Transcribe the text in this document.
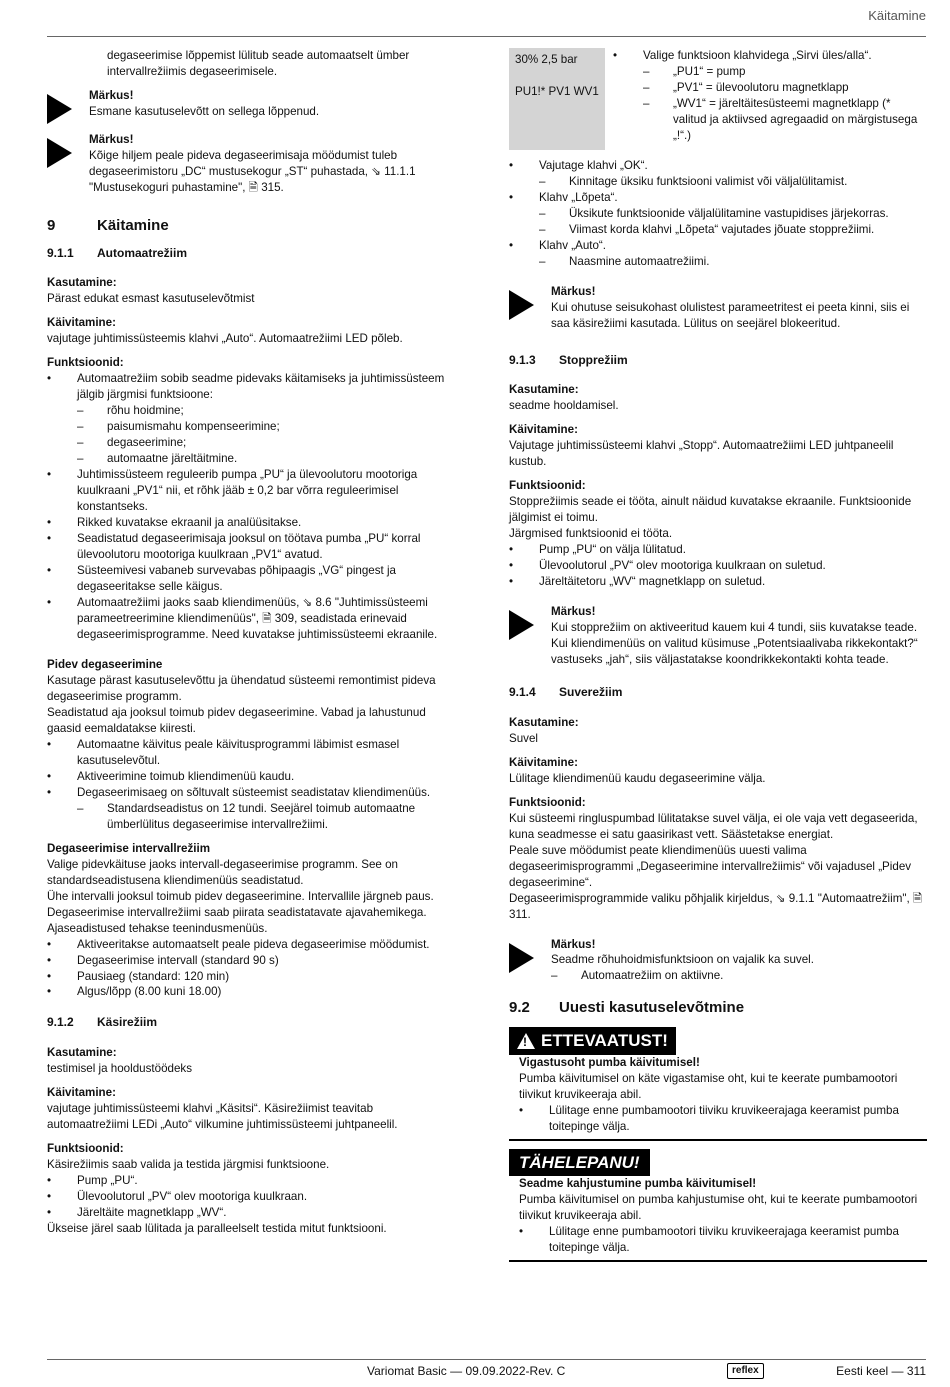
Käitamine

degaseerimise lõppemist lülitub seade automaatselt ümber intervallrežiimis degaseerimisele.

Märkus!

Esmane kasutuselevõtt on sellega lõppenud.

Märkus!

Kõige hiljem peale pideva degaseerimisaja möödumist tuleb degaseerimistoru „DC“ mustusekogur „ST“ puhastada, ⇘ 11.1.1 "Mustusekoguri puhastamine", 🗎 315.

9	Käitamine
9.1.1	Automaatrežiim

Kasutamine:

Pärast edukat esmast kasutuselevõtmist

Käivitamine:

vajutage juhtimissüsteemis klahvi „Auto“. Automaatrežiimi LED põleb.

Funktsioonid:

•	Automaatrežiim sobib seadme pidevaks käitamiseks ja juhtimissüsteem jälgib järgmisi funktsioone:
–	rõhu hoidmine;
–	paisumismahu kompenseerimine;
–	degaseerimine;
–	automaatne järeltäitmine.
•	Juhtimissüsteem reguleerib pumpa „PU“ ja ülevoolutoru mootoriga kuulkraani „PV1“ nii, et rõhk jääb ± 0,2 bar võrra reguleerimisel konstantseks.
•	Rikked kuvatakse ekraanil ja analüüsitakse.
•	Seadistatud degaseerimisaja jooksul on töötava pumba „PU“ korral ülevoolutoru mootoriga kuulkraan „PV1“ avatud.
•	Süsteemivesi vabaneb survevabas põhipaagis „VG“ pingest ja degaseeritakse selle käigus.
•	Automaatrežiimi jaoks saab kliendimenüüs, ⇘ 8.6 "Juhtimissüsteemi parameetreerimine kliendimenüüs", 🗎 309, seadistada erinevaid degaseerimisprogramme. Need kuvatakse juhtimissüsteemi ekraanile.

Pidev degaseerimine

Kasutage pärast kasutuselevõttu ja ühendatud süsteemi remontimist pideva degaseerimise programm.

Seadistatud aja jooksul toimub pidev degaseerimine. Vabad ja lahustunud gaasid eemaldatakse kiiresti.

•	Automaatne käivitus peale käivitusprogrammi läbimist esmasel kasutuselevõtul.
•	Aktiveerimine toimub kliendimenüü kaudu.
•	Degaseerimisaeg on sõltuvalt süsteemist seadistatav kliendimenüüs.
–	Standardseadistus on 12 tundi. Seejärel toimub automaatne ümberlülitus degaseerimise intervallrežiimi.

Degaseerimise intervallrežiim

Valige pidevkäituse jaoks intervall-degaseerimise programm. See on standardseadistusena kliendimenüüs seadistatud.

Ühe intervalli jooksul toimub pidev degaseerimine. Intervallile järgneb paus. Degaseerimise intervallrežiimi saab piirata seadistatavate ajavahemikega. Ajaseadistused tehakse teenindusmenüüs.

•	Aktiveeritakse automaatselt peale pideva degaseerimise möödumist.
•	Degaseerimise intervall (standard 90 s)
•	Pausiaeg (standard: 120 min)
•	Algus/lõpp (8.00 kuni 18.00)
9.1.2	Käsirežiim

Kasutamine:

testimisel ja hooldustöödeks

Käivitamine:

vajutage juhtimissüsteemi klahvi „Käsitsi“. Käsirežiimist teavitab automaatrežiimi LEDi „Auto“ vilkumine juhtimissüsteemi juhtpaneelil.

Funktsioonid:

Käsirežiimis saab valida ja testida järgmisi funktsioone.

•	Pump „PU“.
•	Ülevoolutorul „PV“ olev mootoriga kuulkraan.
•	Järeltäite magnetklapp „WV“.

Ükseise järel saab lülitada ja paralleelselt testida mitut funktsiooni.

30% 2,5 bar

PU1!* PV1 WV1

•	Valige funktsioon klahvidega „Sirvi üles/alla“.
–	„PU1“ = pump
–	„PV1“ = ülevoolutoru magnetklapp
–	„WV1“ = järeltäitesüsteemi magnetklapp (* valitud ja aktiivsed agregaadid on märgistusega „!“.)
•	Vajutage klahvi „OK“.
–	Kinnitage üksiku funktsiooni valimist või väljalülitamist.
•	Klahv „Lõpeta“.
–	Üksikute funktsioonide väljalülitamine vastupidises järjekorras.
–	Viimast korda klahvi „Lõpeta“ vajutades jõuate stopprežiimi.
•	Klahv „Auto“.
–	Naasmine automaatrežiimi.

Märkus!

Kui ohutuse seisukohast olulistest parameetritest ei peeta kinni, siis ei saa käsirežiimi kasutada. Lülitus on seejärel blokeeritud.

9.1.3	Stopprežiim

Kasutamine:

seadme hooldamisel.

Käivitamine:

Vajutage juhtimissüsteemi klahvi „Stopp“. Automaatrežiimi LED juhtpaneelil kustub.

Funktsioonid:

Stopprežiimis seade ei tööta, ainult näidud kuvatakse ekraanile. Funktsioonide jälgimist ei toimu.

Järgmised funktsioonid ei tööta.

•	Pump „PU“ on välja lülitatud.
•	Ülevoolutorul „PV“ olev mootoriga kuulkraan on suletud.
•	Järeltäitetoru „WV“ magnetklapp on suletud.

Märkus!

Kui stopprežiim on aktiveeritud kauem kui 4 tundi, siis kuvatakse teade. Kui kliendimenüüs on valitud küsimuse „Potentsiaalivaba rikkekontakt?“ vastuseks „jah“, siis väljastatakse koondrikkekontakti kohta teade.

9.1.4	Suverežiim

Kasutamine:

Suvel

Käivitamine:

Lülitage kliendimenüü kaudu degaseerimine välja.

Funktsioonid:

Kui süsteemi ringluspumbad lülitatakse suvel välja, ei ole vaja vett degaseerida, kuna seadmesse ei satu gaasirikast vett. Säästetakse energiat.

Peale suve möödumist peate kliendimenüüs uuesti valima degaseerimisprogrammi „Degaseerimine intervallrežiimis“ või vajadusel „Pidev degaseerimine“.

Degaseerimisprogrammide valiku põhjalik kirjeldus, ⇘ 9.1.1 "Automaatrežiim", 🗎 311.

Märkus!

Seadme rõhuhoidmisfunktsioon on vajalik ka suvel.

–	Automaatrežiim on aktiivne.
9.2	Uuesti kasutuselevõtmine
! ETTEVAATUST!

Vigastusoht pumba käivitumisel!

Pumba käivitumisel on käte vigastamise oht, kui te keerate pumbamootori tiivikut kruvikeeraja abil.

•	Lülitage enne pumbamootori tiiviku kruvikeerajaga keeramist pumba toitepinge välja.
TÄHELEPANU!

Seadme kahjustumine pumba käivitumisel!

Pumba käivitumisel on pumba kahjustumise oht, kui te keerate pumbamootori tiivikut kruvikeeraja abil.

•	Lülitage enne pumbamootori tiiviku kruvikeerajaga keeramist pumba toitepinge välja.
Variomat Basic — 09.09.2022-Rev. C	reflex	Eesti keel — 311
